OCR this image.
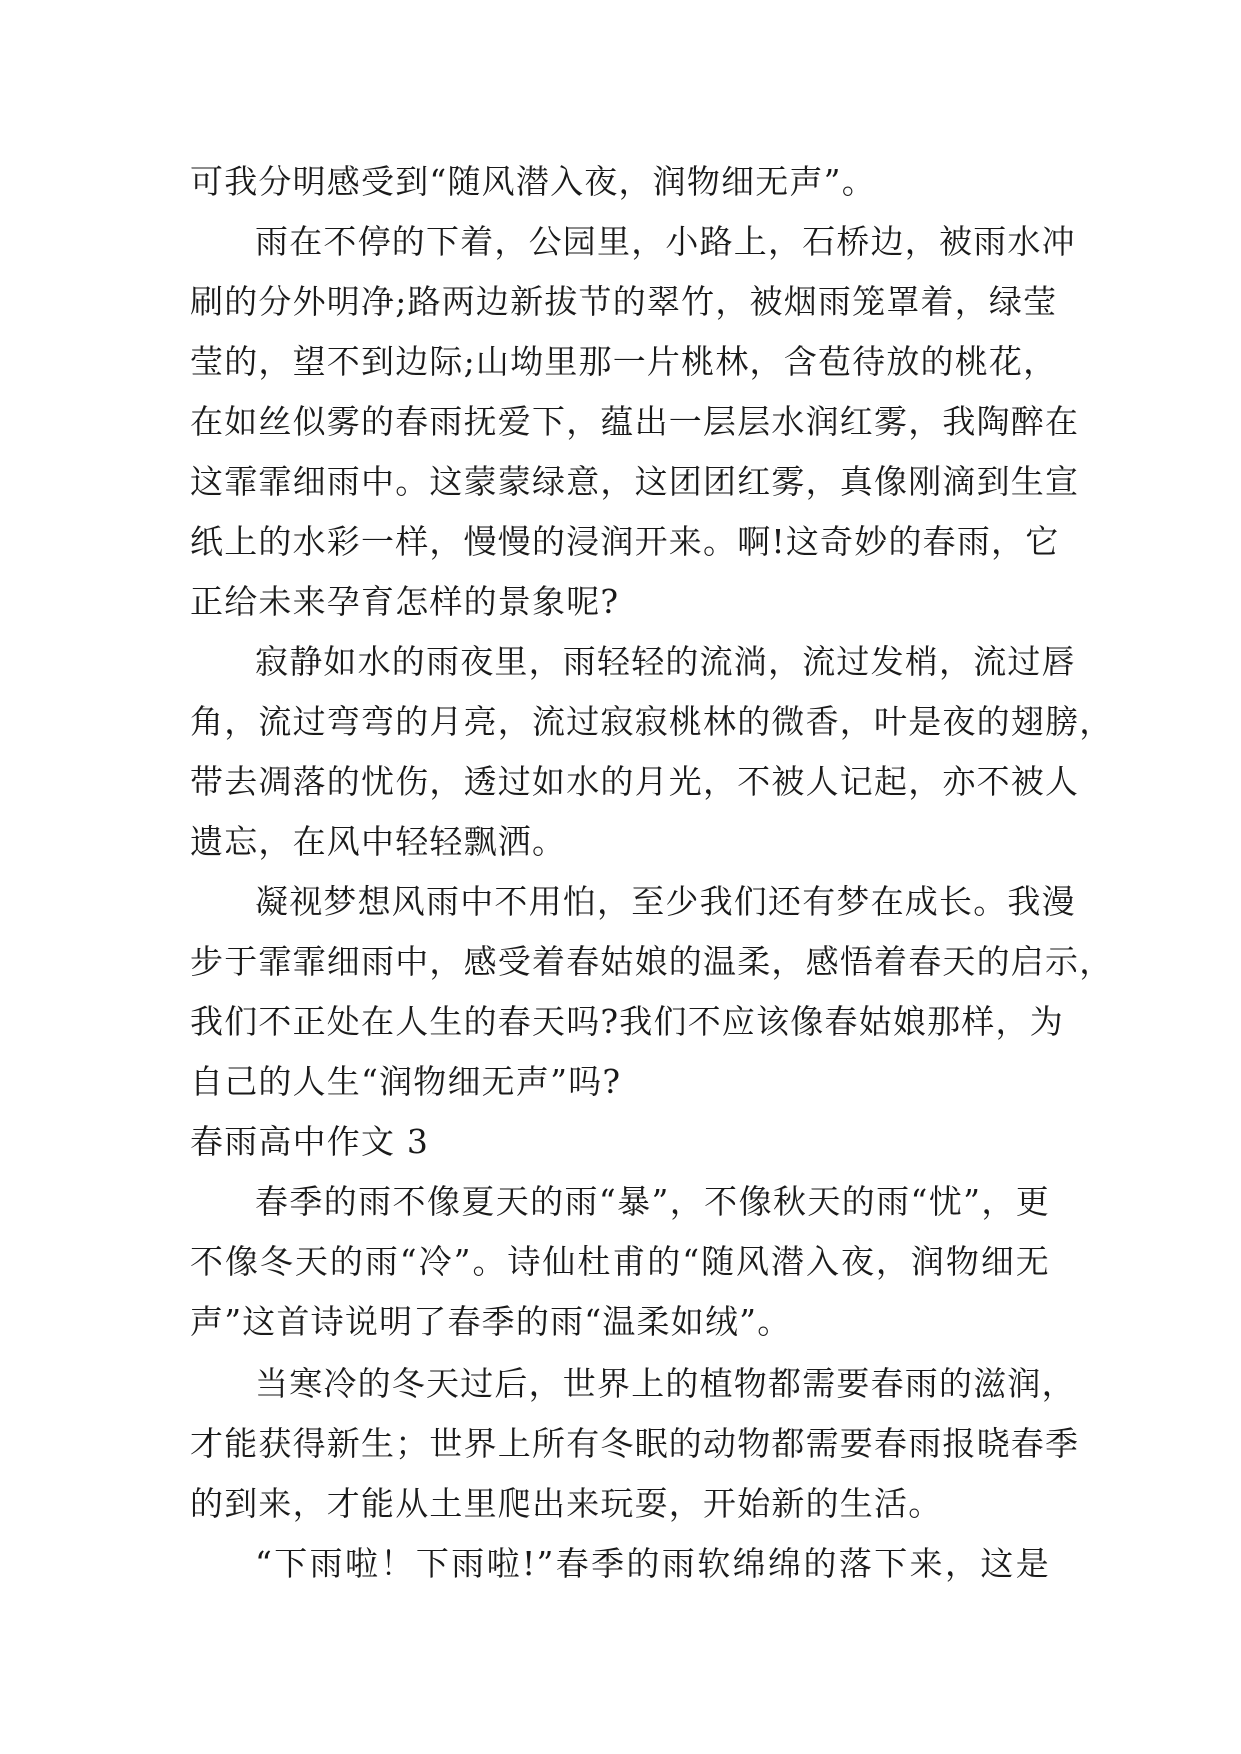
可我分明感受到“随风潜入夜，润物细无声”。
雨在不停的下着，公园里，小路上，石桥边，被雨水冲
刷的分外明净;路两边新拔节的翠竹，被烟雨笼罩着，绿莹
莹的，望不到边际;山坳里那一片桃林，含苞待放的桃花，
在如丝似雾的春雨抚爱下，蕴出一层层水润红雾，我陶醉在
这霏霏细雨中。这蒙蒙绿意，这团团红雾，真像刚滴到生宣
纸上的水彩一样，慢慢的浸润开来。啊!这奇妙的春雨，它
正给未来孕育怎样的景象呢?
寂静如水的雨夜里，雨轻轻的流淌，流过发梢，流过唇
角，流过弯弯的月亮，流过寂寂桃林的微香，叶是夜的翅膀，
带去凋落的忧伤，透过如水的月光，不被人记起，亦不被人
遗忘，在风中轻轻飘洒。
凝视梦想风雨中不用怕，至少我们还有梦在成长。我漫
步于霏霏细雨中，感受着春姑娘的温柔，感悟着春天的启示，
我们不正处在人生的春天吗?我们不应该像春姑娘那样，为
自己的人生“润物细无声”吗?
春雨高中作文 3
春季的雨不像夏天的雨“暴”，不像秋天的雨“忧”，更
不像冬天的雨“冷”。诗仙杜甫的“随风潜入夜，润物细无
声”这首诗说明了春季的雨“温柔如绒”。
当寒冷的冬天过后，世界上的植物都需要春雨的滋润，
才能获得新生；世界上所有冬眠的动物都需要春雨报晓春季
的到来，才能从土里爬出来玩耍，开始新的生活。
“下雨啦！下雨啦!”春季的雨软绵绵的落下来，这是
